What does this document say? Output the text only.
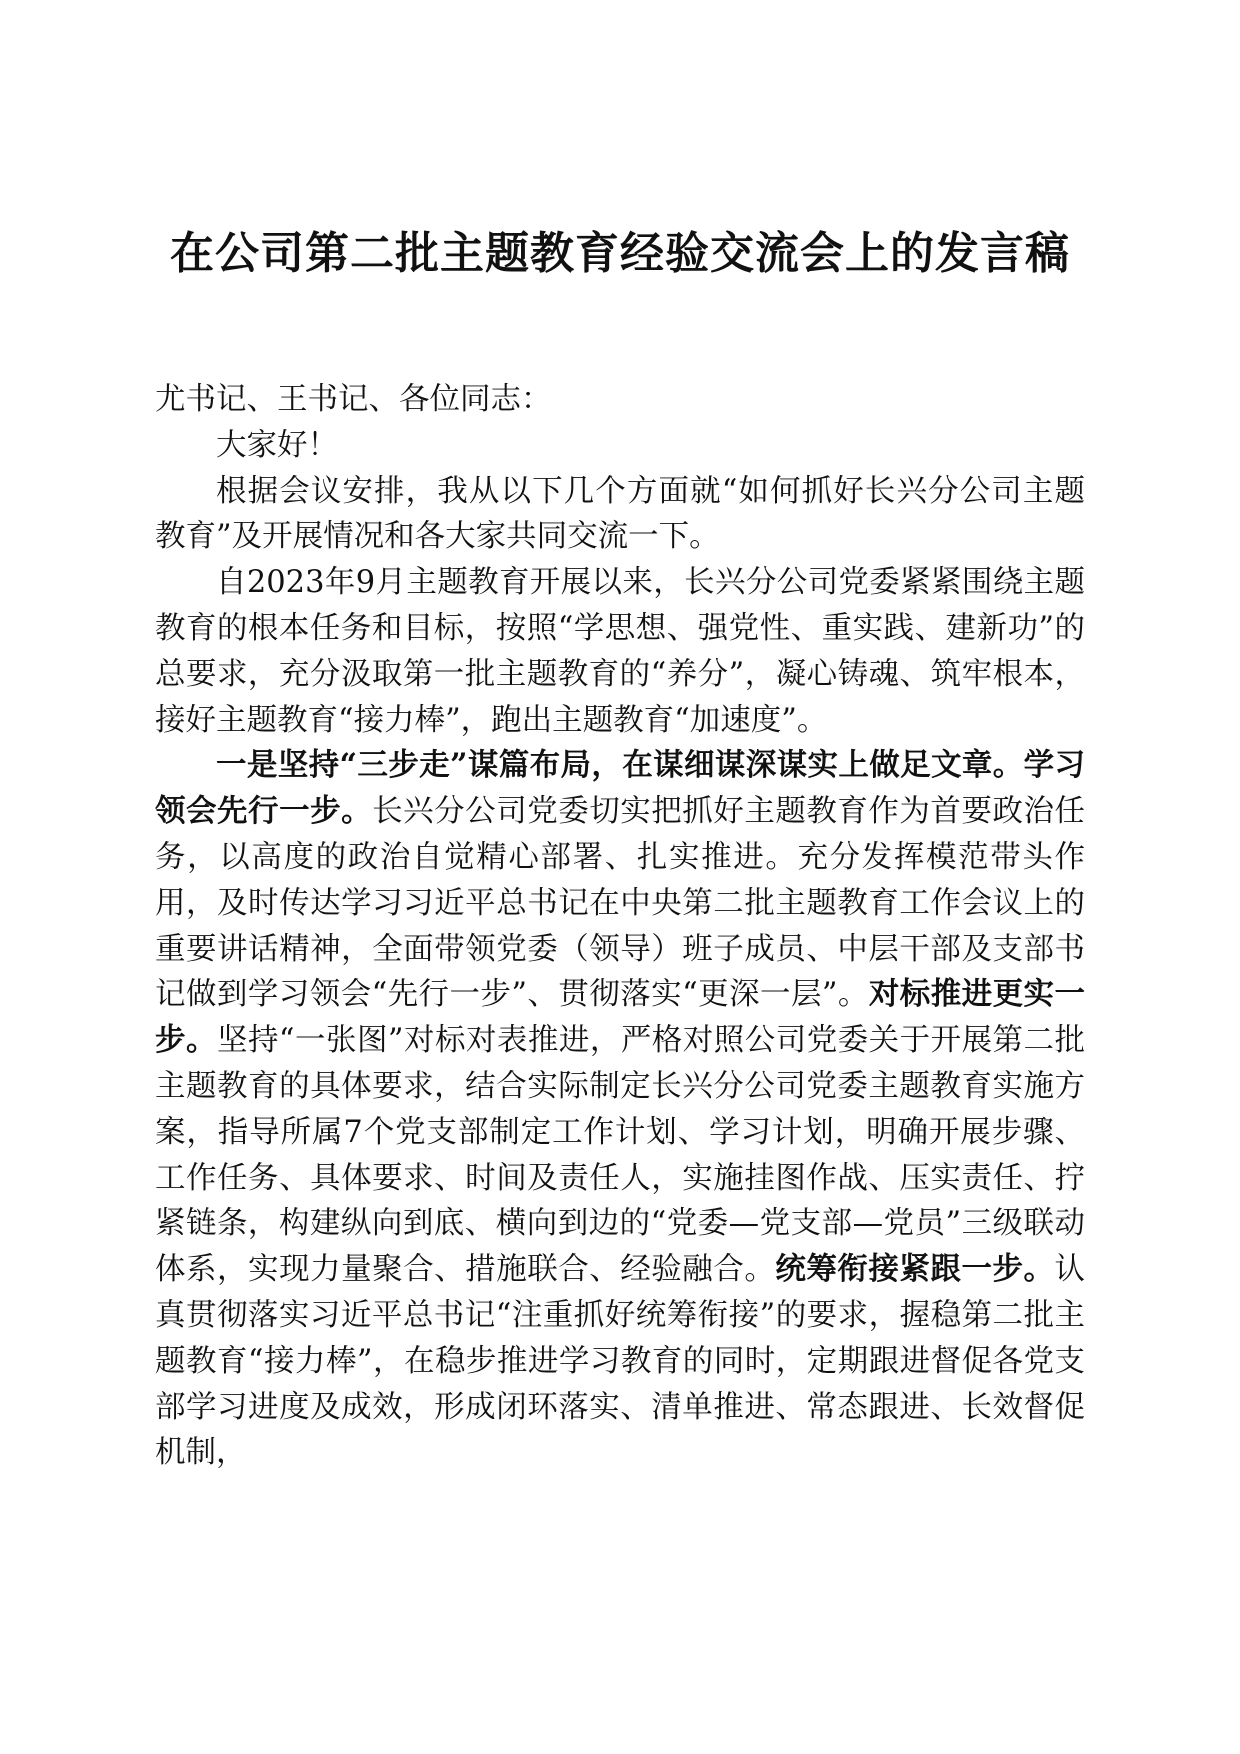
在公司第二批主题教育经验交流会上的发言稿

尤书记、王书记、各位同志：

大家好！

根据会议安排，我从以下几个方面就“如何抓好长兴分公司主题教育”及开展情况和各大家共同交流一下。

自2023年9月主题教育开展以来，长兴分公司党委紧紧围绕主题教育的根本任务和目标，按照“学思想、强党性、重实践、建新功”的总要求，充分汲取第一批主题教育的“养分”，凝心铸魂、筑牢根本，接好主题教育“接力棒”，跑出主题教育“加速度”。

一是坚持“三步走”谋篇布局，在谋细谋深谋实上做足文章。学习领会先行一步。长兴分公司党委切实把抓好主题教育作为首要政治任务，以高度的政治自觉精心部署、扎实推进。充分发挥模范带头作用，及时传达学习习近平总书记在中央第二批主题教育工作会议上的重要讲话精神，全面带领党委（领导）班子成员、中层干部及支部书记做到学习领会“先行一步”、贯彻落实“更深一层”。对标推进更实一步。坚持“一张图”对标对表推进，严格对照公司党委关于开展第二批主题教育的具体要求，结合实际制定长兴分公司党委主题教育实施方案，指导所属7个党支部制定工作计划、学习计划，明确开展步骤、工作任务、具体要求、时间及责任人，实施挂图作战、压实责任、拧紧链条，构建纵向到底、横向到边的“党委—党支部—党员”三级联动体系，实现力量聚合、措施联合、经验融合。统筹衔接紧跟一步。认真贯彻落实习近平总书记“注重抓好统筹衔接”的要求，握稳第二批主题教育“接力棒”，在稳步推进学习教育的同时，定期跟进督促各党支部学习进度及成效，形成闭环落实、清单推进、常态跟进、长效督促机制，
